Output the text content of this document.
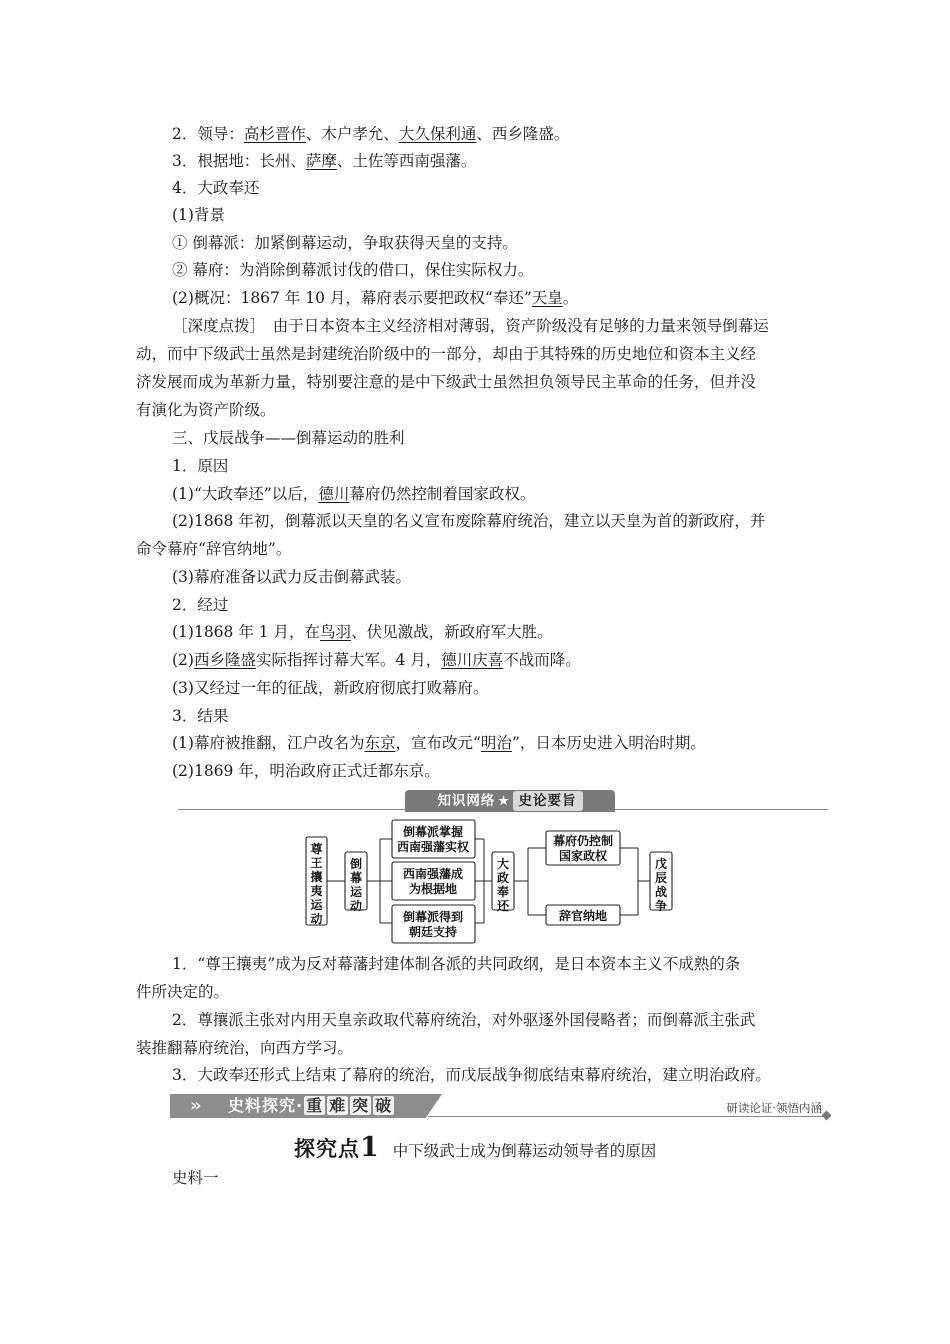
2．领导：高杉晋作、木户孝允、大久保利通、西乡隆盛。
3．根据地：长州、萨摩、土佐等西南强藩。
4．大政奉还
(1)背景
① 倒幕派：加紧倒幕运动，争取获得天皇的支持。
② 幕府：为消除倒幕派讨伐的借口，保住实际权力。
(2)概况：1867 年 10 月，幕府表示要把政权“奉还”天皇。
［深度点拨］　由于日本资本主义经济相对薄弱，资产阶级没有足够的力量来领导倒幕运
动，而中下级武士虽然是封建统治阶级中的一部分，却由于其特殊的历史地位和资本主义经
济发展而成为革新力量，特别要注意的是中下级武士虽然担负领导民主革命的任务，但并没
有演化为资产阶级。
三、戊辰战争——倒幕运动的胜利
1．原因
(1)“大政奉还”以后，德川幕府仍然控制着国家政权。
(2)1868 年初，倒幕派以天皇的名义宣布废除幕府统治，建立以天皇为首的新政府，并
命令幕府“辞官纳地”。
(3)幕府准备以武力反击倒幕武装。
2．经过
(1)1868 年 1 月，在鸟羽、伏见激战，新政府军大胜。
(2)西乡隆盛实际指挥讨幕大军。4 月，德川庆喜不战而降。
(3)又经过一年的征战，新政府彻底打败幕府。
3．结果
(1)幕府被推翻，江户改名为东京，宣布改元“明治”，日本历史进入明治时期。
(2)1869 年，明治政府正式迁都东京。
知识网络 ★ 史论要旨
尊王攘夷运动
倒幕运动
倒幕派掌握西南强藩实权
西南强藩成为根据地
倒幕派得到朝廷支持
大政奉还
幕府仍控制国家政权
辞官纳地
戊辰战争
1．“尊王攘夷”成为反对幕藩封建体制各派的共同政纲，是日本资本主义不成熟的条
件所决定的。
2．尊攘派主张对内用天皇亲政取代幕府统治，对外驱逐外国侵略者；而倒幕派主张武
装推翻幕府统治，向西方学习。
3．大政奉还形式上结束了幕府的统治，而戊辰战争彻底结束幕府统治，建立明治政府。
» 史料探究· 重 难 突 破	研读论证·领悟内涵
探究点1 中下级武士成为倒幕运动领导者的原因
史料一
